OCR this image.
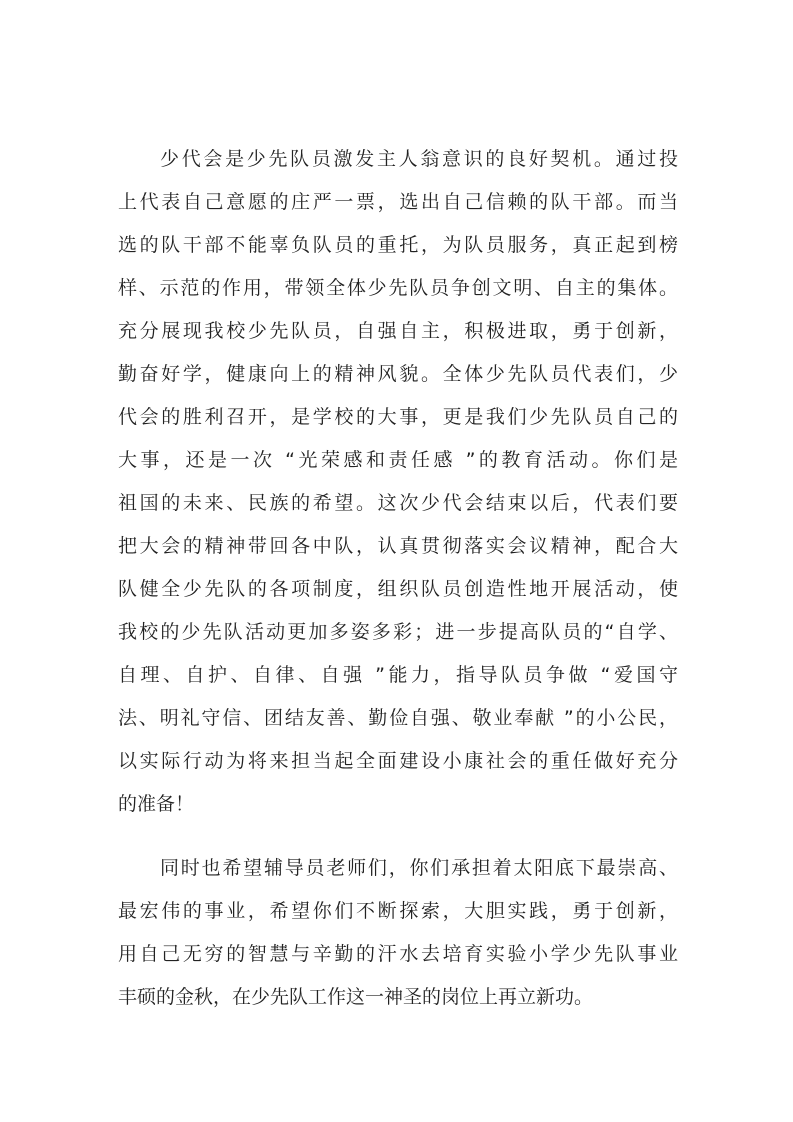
少代会是少先队员激发主人翁意识的良好契机。通过投
上代表自己意愿的庄严一票，选出自己信赖的队干部。而当
选的队干部不能辜负队员的重托，为队员服务，真正起到榜
样、示范的作用，带领全体少先队员争创文明、自主的集体。
充分展现我校少先队员，自强自主，积极进取，勇于创新，
勤奋好学，健康向上的精神风貌。全体少先队员代表们，少
代会的胜利召开，是学校的大事，更是我们少先队员自己的
大事，还是一次 “光荣感和责任感 ”的教育活动。你们是
祖国的未来、民族的希望。这次少代会结束以后，代表们要
把大会的精神带回各中队，认真贯彻落实会议精神，配合大
队健全少先队的各项制度，组织队员创造性地开展活动，使
我校的少先队活动更加多姿多彩；进一步提高队员的“自学、
自理、自护、自律、自强 ”能力，指导队员争做 “爱国守
法、明礼守信、团结友善、勤俭自强、敬业奉献 ”的小公民，
以实际行动为将来担当起全面建设小康社会的重任做好充分
的准备！
同时也希望辅导员老师们，你们承担着太阳底下最崇高、
最宏伟的事业，希望你们不断探索，大胆实践，勇于创新，
用自己无穷的智慧与辛勤的汗水去培育实验小学少先队事业
丰硕的金秋，在少先队工作这一神圣的岗位上再立新功。
